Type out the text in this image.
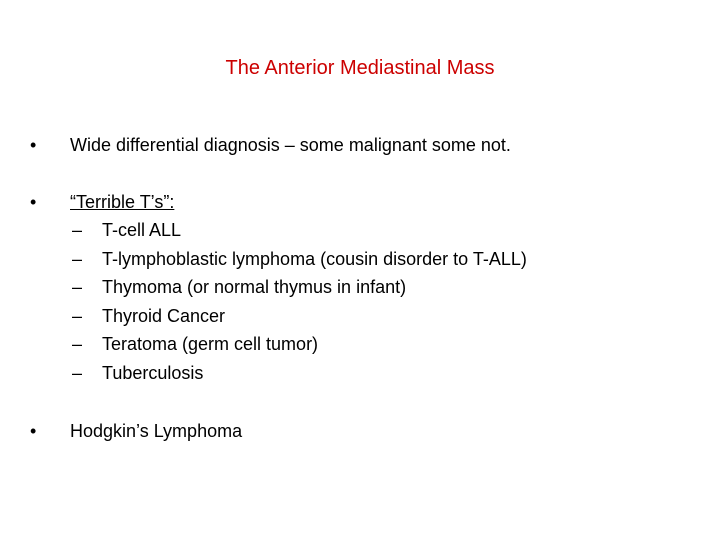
The Anterior Mediastinal Mass
• Wide differential diagnosis – some malignant some not.
• “Terrible T’s”:
– T-cell ALL
– T-lymphoblastic lymphoma (cousin disorder to T-ALL)
– Thymoma (or normal thymus in infant)
– Thyroid Cancer
– Teratoma (germ cell tumor)
– Tuberculosis
• Hodgkin’s Lymphoma
